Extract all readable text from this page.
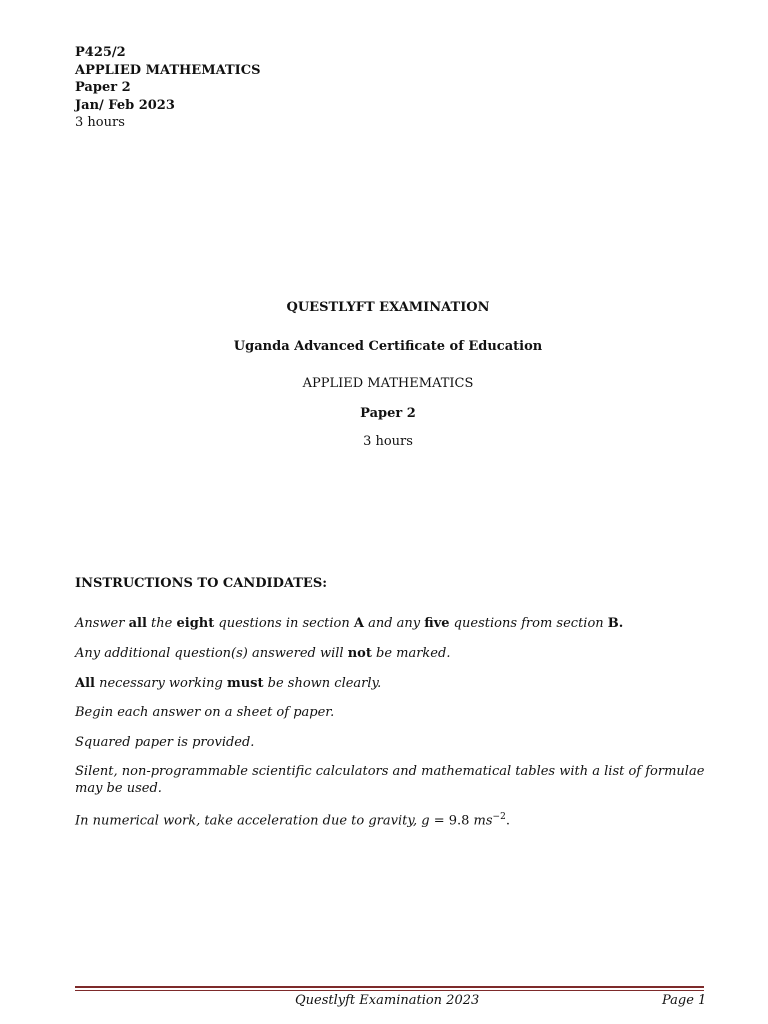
P425/2
APPLIED MATHEMATICS
Paper 2
Jan/ Feb 2023
3 hours
QUESTLYFT EXAMINATION
Uganda Advanced Certificate of Education
APPLIED MATHEMATICS
Paper 2
3 hours
INSTRUCTIONS TO CANDIDATES:
Answer all the eight questions in section A and any five questions from section B.
Any additional question(s) answered will not be marked.
All necessary working must be shown clearly.
Begin each answer on a sheet of paper.
Squared paper is provided.
Silent, non-programmable scientific calculators and mathematical tables with a list of formulae may be used.
In numerical work, take acceleration due to gravity, g = 9.8 $ms^{-2}$.
Questlyft Examination 2023	Page 1
